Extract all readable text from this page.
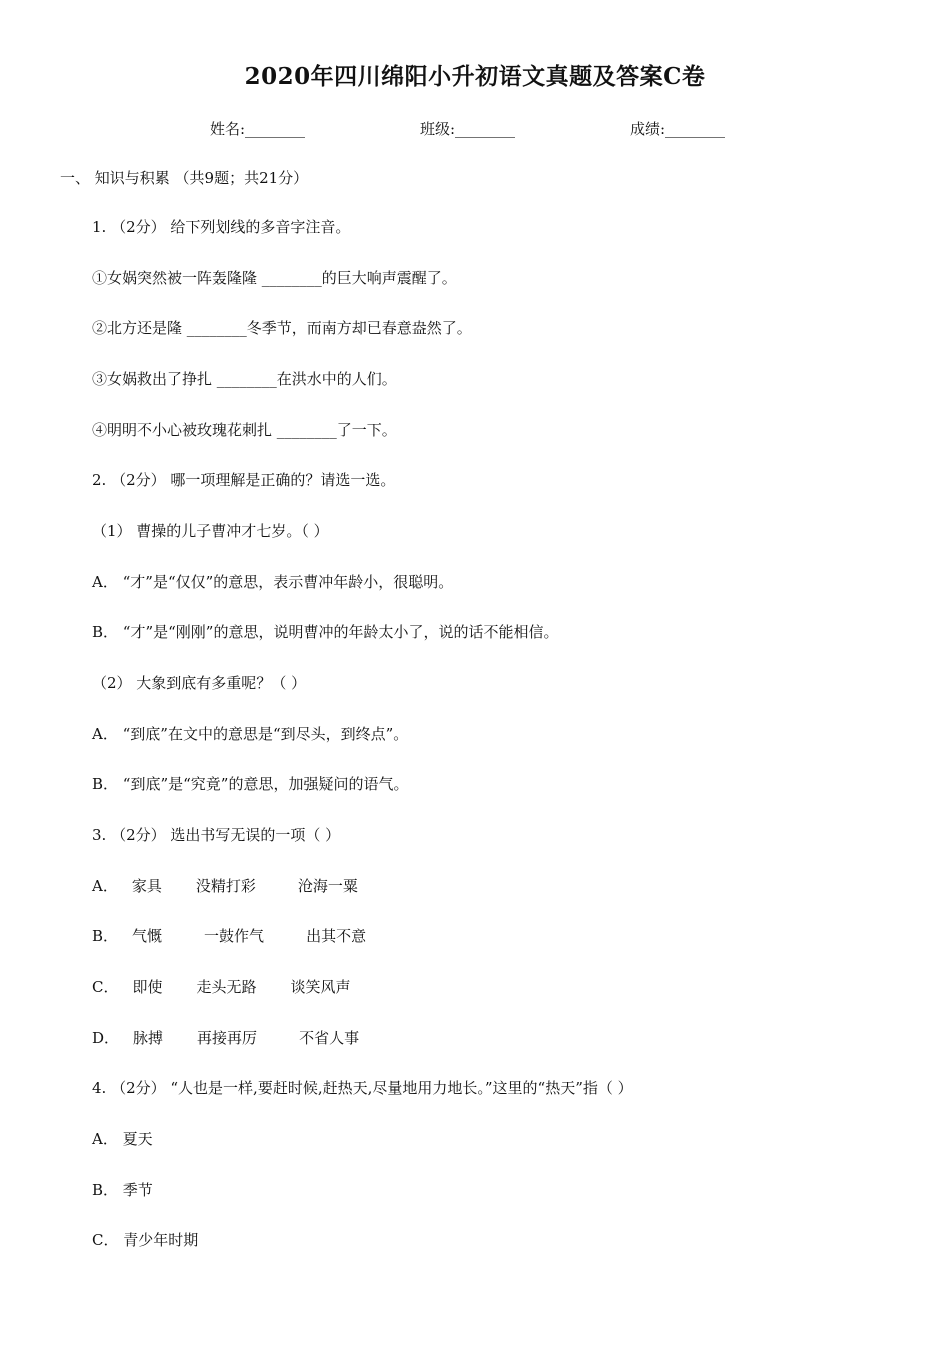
2020年四川绵阳小升初语文真题及答案C卷
姓名:________	班级:________	成绩:________
一、 知识与积累 （共9题；共21分）
1. （2分） 给下列划线的多音字注音。
①女娲突然被一阵轰隆隆 ________的巨大响声震醒了。
②北方还是隆 ________冬季节，而南方却已春意盎然了。
③女娲救出了挣扎 ________在洪水中的人们。
④明明不小心被玫瑰花刺扎 ________了一下。
2. （2分） 哪一项理解是正确的？请选一选。
（1） 曹操的儿子曹冲才七岁。（ ）
A． “才”是“仅仅”的意思，表示曹冲年龄小，很聪明。
B． “才”是“刚刚”的意思，说明曹冲的年龄太小了，说的话不能相信。
（2） 大象到底有多重呢？（ ）
A． “到底”在文中的意思是“到尽头，到终点”。
B． “到底”是“究竟”的意思，加强疑问的语气。
3. （2分） 选出书写无误的一项（ ）
A． 家具 没精打彩	沧海一粟
B． 气慨	一鼓作气	出其不意
C． 即使 走头无路 谈笑风声
D． 脉搏 再接再厉	不省人事
4. （2分） “人也是一样,要赶时候,赶热天,尽量地用力地长。”这里的“热天”指（ ）
A． 夏天
B． 季节
C． 青少年时期
